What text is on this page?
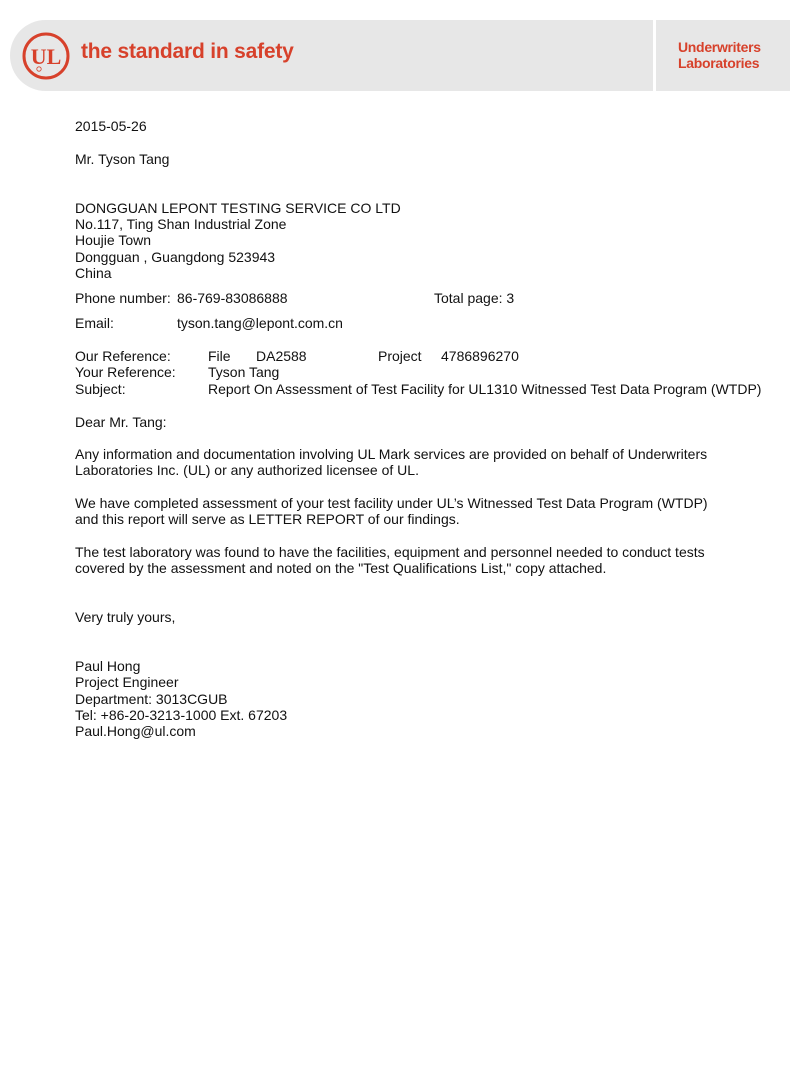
UL the standard in safety	Underwriters
Laboratories
2015-05-26
Mr. Tyson Tang
DONGGUAN LEPONT TESTING SERVICE CO LTD
No.117, Ting Shan Industrial Zone
Houjie Town
Dongguan , Guangdong 523943
China
Phone number: 86-769-83086888	Total page: 3
Email:	tyson.tang@lepont.com.cn
Our Reference:	File DA2588	Project 4786896270
Your Reference: Tyson Tang
Subject:	Report On Assessment of Test Facility for UL1310 Witnessed Test Data Program (WTDP)
Dear Mr. Tang:
Any information and documentation involving UL Mark services are provided on behalf of Underwriters
Laboratories Inc. (UL) or any authorized licensee of UL.
We have completed assessment of your test facility under UL’s Witnessed Test Data Program (WTDP)
and this report will serve as LETTER REPORT of our findings.
The test laboratory was found to have the facilities, equipment and personnel needed to conduct tests
covered by the assessment and noted on the "Test Qualifications List," copy attached.
Very truly yours,
Paul Hong
Project Engineer
Department: 3013CGUB
Tel: +86-20-3213-1000 Ext. 67203
Paul.Hong@ul.com
